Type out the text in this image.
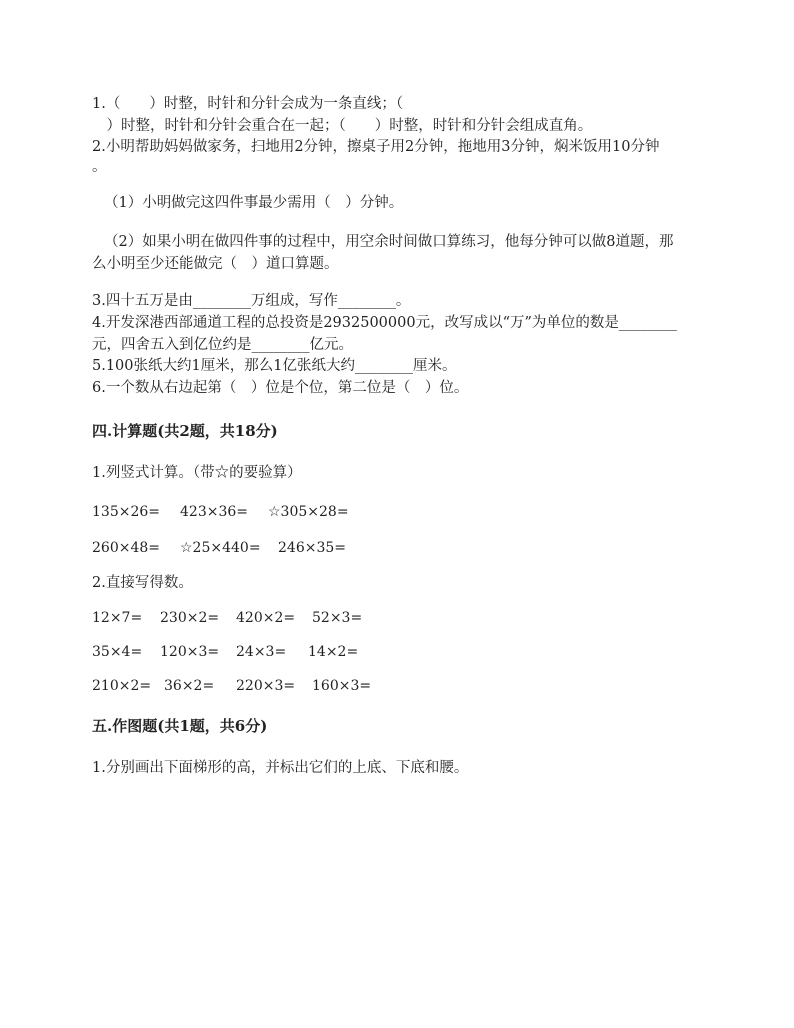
1.（　　）时整，时针和分针会成为一条直线；（
　）时整，时针和分针会重合在一起；（　　）时整，时针和分针会组成直角。
2.小明帮助妈妈做家务，扫地用2分钟，擦桌子用2分钟，拖地用3分钟，焖米饭用10分钟
。
（1）小明做完这四件事最少需用（　）分钟。
（2）如果小明在做四件事的过程中，用空余时间做口算练习，他每分钟可以做8道题，那
么小明至少还能做完（　）道口算题。
3.四十五万是由________万组成，写作________。
4.开发深港西部通道工程的总投资是2932500000元，改写成以“万”为单位的数是________
元，四舍五入到亿位约是________亿元。
5.100张纸大约1厘米，那么1亿张纸大约________厘米。
6.一个数从右边起第（　）位是个位，第二位是（　）位。
四.计算题(共2题，共18分)
1.列竖式计算。（带☆的要验算）
135×26= 423×36= ☆305×28=
260×48= ☆25×440= 246×35=
2.直接写得数。
12×7= 230×2= 420×2= 52×3=
35×4= 120×3= 24×3= 14×2=
210×2= 36×2= 220×3= 160×3=
五.作图题(共1题，共6分)
1.分别画出下面梯形的高，并标出它们的上底、下底和腰。
